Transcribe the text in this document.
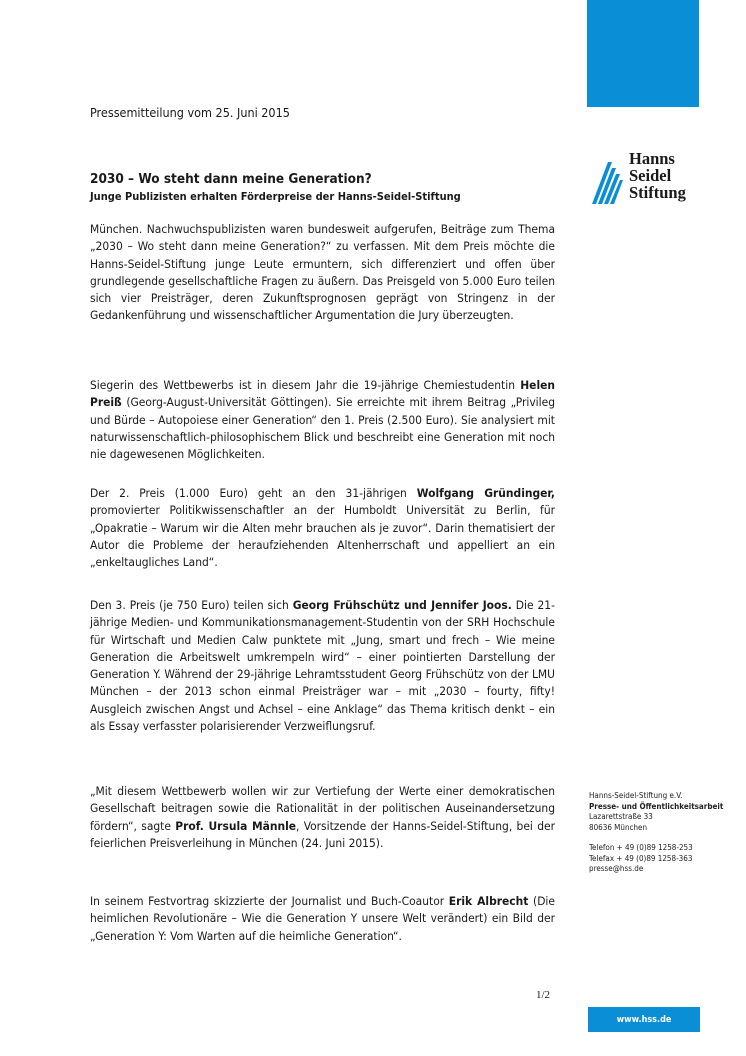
Hanns
Seidel
Stiftung
Pressemitteilung vom 25. Juni 2015
2030 – Wo steht dann meine Generation?
Junge Publizisten erhalten Förderpreise der Hanns-Seidel-Stiftung
München. Nachwuchspublizisten waren bundesweit aufgerufen, Beiträge zum Thema „2030 – Wo steht dann meine Generation?“ zu verfassen. Mit dem Preis möchte die Hanns-Seidel-Stiftung junge Leute ermuntern, sich differenziert und offen über grundlegende gesellschaftliche Fragen zu äußern. Das Preisgeld von 5.000 Euro teilen sich vier Preisträger, deren Zukunftsprognosen geprägt von Stringenz in der Gedankenführung und wissenschaftlicher Argumentation die Jury überzeugten.
Siegerin des Wettbewerbs ist in diesem Jahr die 19-jährige Chemiestudentin Helen Preiß (Georg-August-Universität Göttingen). Sie erreichte mit ihrem Beitrag „Privileg und Bürde – Autopoiese einer Generation“ den 1. Preis (2.500 Euro). Sie analysiert mit naturwissenschaftlich-philosophischem Blick und beschreibt eine Generation mit noch nie dagewesenen Möglichkeiten.
Der 2. Preis (1.000 Euro) geht an den 31-jährigen Wolfgang Gründinger, promovierter Politikwissenschaftler an der Humboldt Universität zu Berlin, für „Opakratie – Warum wir die Alten mehr brauchen als je zuvor“. Darin thematisiert der Autor die Probleme der heraufziehenden Altenherrschaft und appelliert an ein „enkeltaugliches Land“.
Den 3. Preis (je 750 Euro) teilen sich Georg Frühschütz und Jennifer Joos. Die 21-jährige Medien- und Kommunikationsmanagement-Studentin von der SRH Hochschule für Wirtschaft und Medien Calw punktete mit „Jung, smart und frech – Wie meine Generation die Arbeitswelt umkrempeln wird“ – einer pointierten Darstellung der Generation Y. Während der 29-jährige Lehramtsstudent Georg Frühschütz von der LMU München – der 2013 schon einmal Preisträger war – mit „2030 – fourty, fifty! Ausgleich zwischen Angst und Achsel – eine Anklage“ das Thema kritisch denkt – ein als Essay verfasster polarisierender Verzweiflungsruf.
„Mit diesem Wettbewerb wollen wir zur Vertiefung der Werte einer demokratischen Gesellschaft beitragen sowie die Rationalität in der politischen Auseinandersetzung fördern“, sagte Prof. Ursula Männle, Vorsitzende der Hanns-Seidel-Stiftung, bei der feierlichen Preisverleihung in München (24. Juni 2015).
In seinem Festvortrag skizzierte der Journalist und Buch-Coautor Erik Albrecht (Die heimlichen Revolutionäre – Wie die Generation Y unsere Welt verändert) ein Bild der „Generation Y: Vom Warten auf die heimliche Generation“.
Hanns-Seidel-Stiftung e.V.
Presse- und Öffentlichkeitsarbeit
Lazarettstraße 33
80636 München
Telefon + 49 (0)89 1258-253
Telefax + 49 (0)89 1258-363
presse@hss.de
1/2
www.hss.de
